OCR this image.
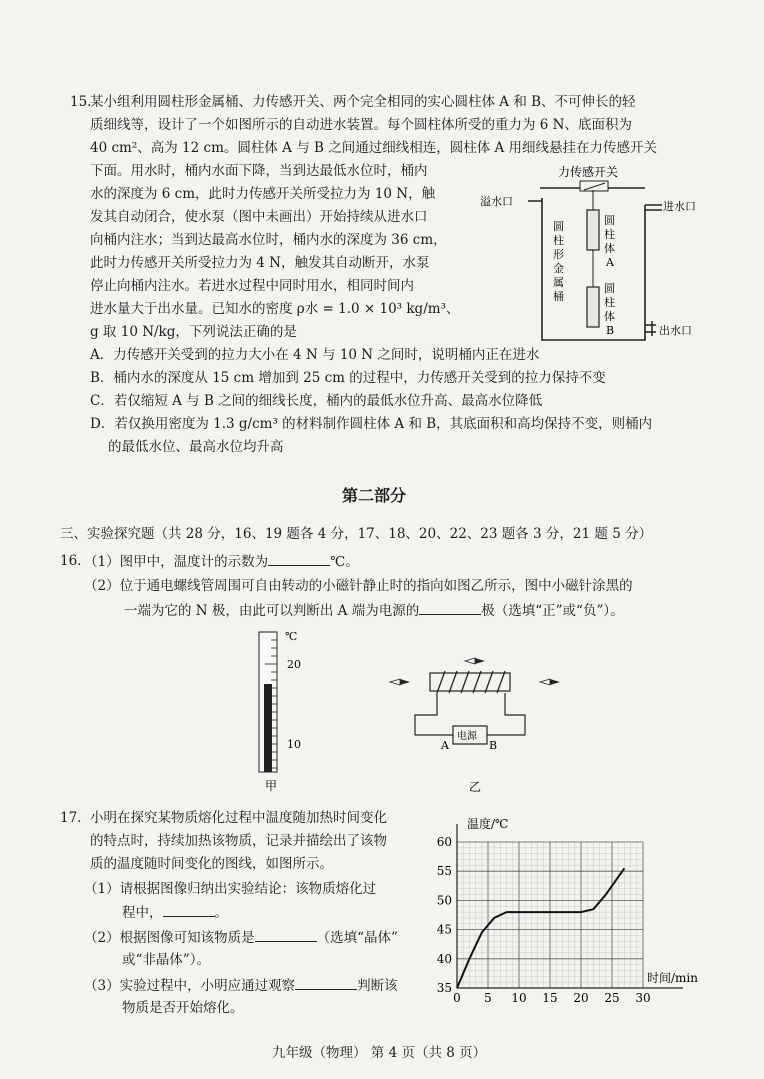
15.
某小组利用圆柱形金属桶、力传感开关、两个完全相同的实心圆柱体 A 和 B、不可伸长的轻
质细线等，设计了一个如图所示的自动进水装置。每个圆柱体所受的重力为 6 N、底面积为
40 cm²、高为 12 cm。圆柱体 A 与 B 之间通过细线相连，圆柱体 A 用细线悬挂在力传感开关
下面。用水时，桶内水面下降，当到达最低水位时，桶内
水的深度为 6 cm，此时力传感开关所受拉力为 10 N，触
发其自动闭合，使水泵（图中未画出）开始持续从进水口
向桶内注水；当到达最高水位时，桶内水的深度为 36 cm，
此时力传感开关所受拉力为 4 N，触发其自动断开，水泵
停止向桶内注水。若进水过程中同时用水，相同时间内
进水量大于出水量。已知水的密度 ρ水 = 1.0 × 10³ kg/m³、
g 取 10 N/kg，下列说法正确的是
A．力传感开关受到的拉力大小在 4 N 与 10 N 之间时，说明桶内正在进水
B．桶内水的深度从 15 cm 增加到 25 cm 的过程中，力传感开关受到的拉力保持不变
C．若仅缩短 A 与 B 之间的细线长度，桶内的最低水位升高、最高水位降低
D．若仅换用密度为 1.3 g/cm³ 的材料制作圆柱体 A 和 B，其底面积和高均保持不变，则桶内
的最低水位、最高水位均升高
力传感开关
溢水口	进水口
出水口
圆
柱
形
金
属
桶
圆
柱
体
A
圆
柱
体
B
第二部分
三、实验探究题（共 28 分，16、19 题各 4 分，17、18、20、22、23 题各 3 分，21 题 5 分）
16. （1）图甲中，温度计的示数为	℃。
（2）位于通电螺线管周围可自由转动的小磁针静止时的指向如图乙所示，图中小磁针涂黑的
一端为它的 N 极，由此可以判断出 A 端为电源的	极（选填“正”或“负”）。
℃
20
10
甲
电源
A	B
乙
17. 小明在探究某物质熔化过程中温度随加热时间变化
的特点时，持续加热该物质，记录并描绘出了该物
质的温度随时间变化的图线，如图所示。
（1）请根据图像归纳出实验结论：该物质熔化过
程中，	。
（2）根据图像可知该物质是	（选填“晶体”
或“非晶体”）。
（3）实验过程中，小明应通过观察	判断该
物质是否开始熔化。
0 5 10 15 20 25 30
35
40
45
50
55
60
温度/℃
时间/min
九年级（物理） 第 4 页（共 8 页）
